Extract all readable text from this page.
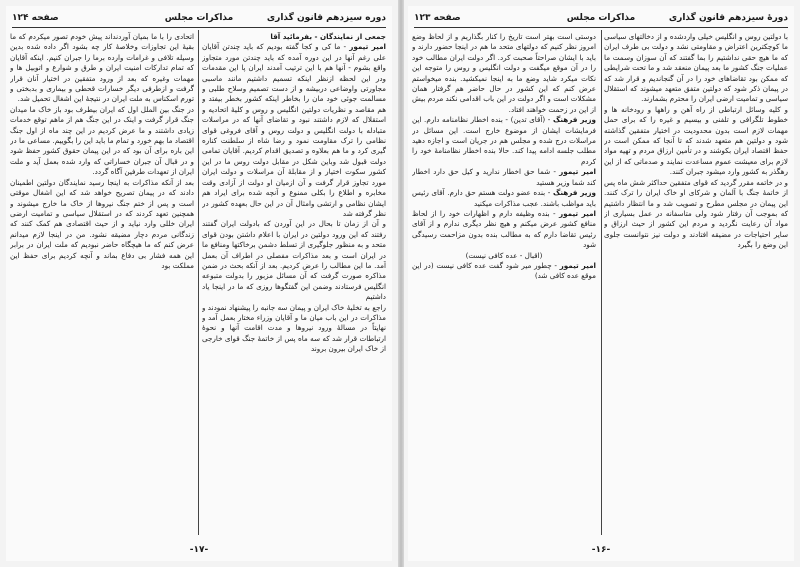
دوره سیزدهم قانون گذاری
مذاکرات مجلس
صفحه ۱۲۴

جمعی از نمایندگان - بفرمائید آقا

امیر تیمور - ما کی و کجا گفته بودیم که باید چندتن آقایان علی رغم آنها در این دوره آمده که باید چندتن مورد متجاوز واقع بشوم - آنها هم با این ترتیب آمدند ایران پا این مقدمات ودر این لحظه ازنظر اینکه تسمیم داشتیم مانند ماسبی مجاورتی واوضاعی دربیشه و از دست تصمیم وسلاح طلبی و مسالمت جوئی خود مان را بخاطر اینکه کشور بخطر بیفتد و هم مقاصد و نظریات دولتین انگلیس و روس و کلیهٔ اتحادیه و استقلال که لازم داشتند نبود و تقاضای آنها که در مراسلات متبادله با دولت انگلیس و دولت روس و آقای فروغی قوای نظامی را ترک مقاومت نمود و رضا شاه از سلطنت کناره گیری کرد و ما هم بعلاوه و تصدیق اقدام کردیم. آقایان تمامی دولت قبول شد وباین شکل در مقابل دولت روس ما در این کشور سکوت اختیار و از مقابلهٔ آن مراسلات و دولت ایران مورد تجاوز قرار گرفت و آن ازمیان او دولت از آزادی وقت مخابره و اطلاع را بکلی ممنوع و آنچه شده برای ایراد هم ایشان نظامی و ارتشی وامثال آن در این حال بعهده کشور در نظر گرفته شد

و آن از زمان تا بحال در این آوردن که بادولت ایران گفتند رفتند که این ورود دولتین در ایران با اعلام داشتن بودن قوای متحد و به منظور جلوگیری از تسلط دشمن برخاکتها ومنافع ما در ایران است و بعد مذاکرات مفصلی در اطراف آن بعمل آمد. ما این مطالب را عرض کردیم. بعد از آنکه بحث در ضمن مذاکره صورت گرفت که آن مسائل مزبور را بدولت متبوعه انگلیس فرستادند وضمن این گفتگوها روزی که ما در اینجا یاد داشتیم

راجع به تخلیهٔ خاک ایران و پیمان سه جانبه را پیشنهاد نمودند و مذاکرات در این باب میان ما و آقایان وزراء مختار بعمل آمد و نهایتاً در مسالهٔ ورود نیروها و مدت اقامت آنها و نحوهٔ ارتباطات قرار شد که سه ماه پس از خاتمهٔ جنگ قوای خارجی از خاک ایران بیرون بروند

اتحادی را با ما بمیان آوردنداند پیش خودم تصور میکردم که ما بقیهٔ این تجاوزات وخلاصهٔ کار چه بشود اگر داده شده بدین وسیله تلافی و غرامات وارده برما را جبران کنیم. اینکه آقایان که تمام تدارکات امنیت ایران و طرق و شوارع و اتوبیل ها و مهمات وغیره که بعد از ورود متفقین در اختیار آنان قرار گرفت و ازطرفی دیگر خسارات قحطی و بیماری و بدبختی و تورم اسکناس به ملت ایران در نتیجهٔ این اشغال تحمیل شد.

در جنگ بین الملل اول که ایران بیطرف بود باز خاک ما میدان جنگ قرار گرفت و اینک در این جنگ هم از ماهم توقع خدمات زیادی داشتند و ما عرض کردیم در این چند ماه از اول جنگ اقتصاد ما بهم خورد و تمام ما باید این را بگوییم. مساعی ما در این باره برای آن بود که در این پیمان حقوق کشور حفظ شود و در قبال آن جبران خساراتی که وارد شده بعمل آید و ملت ایران از تعهدات طرفین آگاه گردد.

بعد از آنکه مذاکرات به اینجا رسید نمایندگان دولتین اطمینان دادند که در پیمان تصریح خواهد شد که این اشغال موقتی است و پس از ختم جنگ نیروها از خاک ما خارج میشوند و همچنین تعهد کردند که در استقلال سیاسی و تمامیت ارضی ایران خللی وارد نیاید و از حیث اقتصادی هم کمک کنند که زندگانی مردم دچار مضیقه نشود. من در اینجا لازم میدانم عرض کنم که ما هیچگاه حاضر نبودیم که ملت ایران در برابر این همه فشار بی دفاع بماند و آنچه کردیم برای حفظ این مملکت بود

-۱۷-
دورهٔ سیزدهم قانون گذاری
مذاکرات مجلس
صفحه ۱۲۳

با دولتین روس و انگلیس خیلی واردشده و از دخالتهای سیاسی ما کوچکترین اعتراض و مقاومتی نشد و دولت بی طرف ایران که ما هیچ حقی نداشتیم را بما گفتند که آن سوزان وسمت ما عملیات جنگ کشور ما بعد پیمان منعقد شد و ما تحت شرایطی که ممکن بود تقاضاهای خود را در آن گنجاندیم و قرار شد که در پیمان ذکر شود که دولتین متفق متعهد میشوند که استقلال سیاسی و تمامیت ارضی ایران را محترم بشمارند.

و کلیه وسائل ارتباطی از راه آهن و راهها و رودخانه ها و خطوط تلگرافی و تلفنی و بیسیم و غیره را که برای حمل مهمات لازم است بدون محدودیت در اختیار متفقین گذاشته شود و دولتین هم متعهد شدند که تا آنجا که ممکن است در حفظ اقتصاد ایران بکوشند و در تأمین ارزاق مردم و تهیه مواد لازم برای معیشت عموم مساعدت نمایند و صدماتی که از این رهگذر به کشور وارد میشود جبران کنند.

و در خاتمه مقرر گردید که قوای متفقین حداکثر شش ماه پس از خاتمهٔ جنگ با آلمان و شرکای او خاک ایران را ترک کنند. این پیمان در مجلس مطرح و تصویب شد و ما انتظار داشتیم که بموجب آن رفتار شود ولی متاسفانه در عمل بسیاری از مواد آن رعایت نگردید و مردم این کشور از حیث ارزاق و سایر احتیاجات در مضیقه افتادند و دولت نیز نتوانست جلوی این وضع را بگیرد

دوستی است بهتر است تاریخ را کنار بگذاریم و از لحاظ وضع امروز نظر کنیم که دولتهای متحد ما هم در اینجا حضور دارند و باید با ایشان صراحتاً صحبت کرد. اگر دولت ایران مطالب خود را در آن موقع میگفت و دولت انگلیس و روس را متوجه این نکات میکرد شاید وضع ما به اینجا نمیکشید. بنده میخواستم عرض کنم که این کشور در حال حاضر هم گرفتار همان مشکلات است و اگر دولت در این باب اقدامی نکند مردم بیش از این در زحمت خواهند افتاد.

وزیر فرهنگ - (آقای تدین) - بنده اخطار نظامنامه دارم. این فرمایشات ایشان از موضوع خارج است. این مسائل در مراسلات درج شده و مجلس هم در جریان است و اجازه دهید مطلب جلسه ادامه پیدا کند. حالا بنده اخطار نظامنامهٔ خود را کردم

امیر تیمور - شما حق اخطار ندارید و کیل حق دارد اخطار کند شما وزیر هستید

وزیر فرهنگ - بنده عضو دولت هستم حق دارم. آقای رئیس باید مواظب باشند. عجب مذاکرات میکنید

امیر تیمور - بنده وظیفه دارم و اظهارات خود را از لحاظ منافع کشور عرض میکنم و هیچ نظر دیگری ندارم و از آقای رئیس تقاضا دارم که به مطالب بنده بدون مزاحمت رسیدگی شود

(اقبال - عده کافی نیست)

امیر تیمور - چطور میر شود گفت عده کافی نیست (در این موقع عده کافی شد)

-۱۶-
